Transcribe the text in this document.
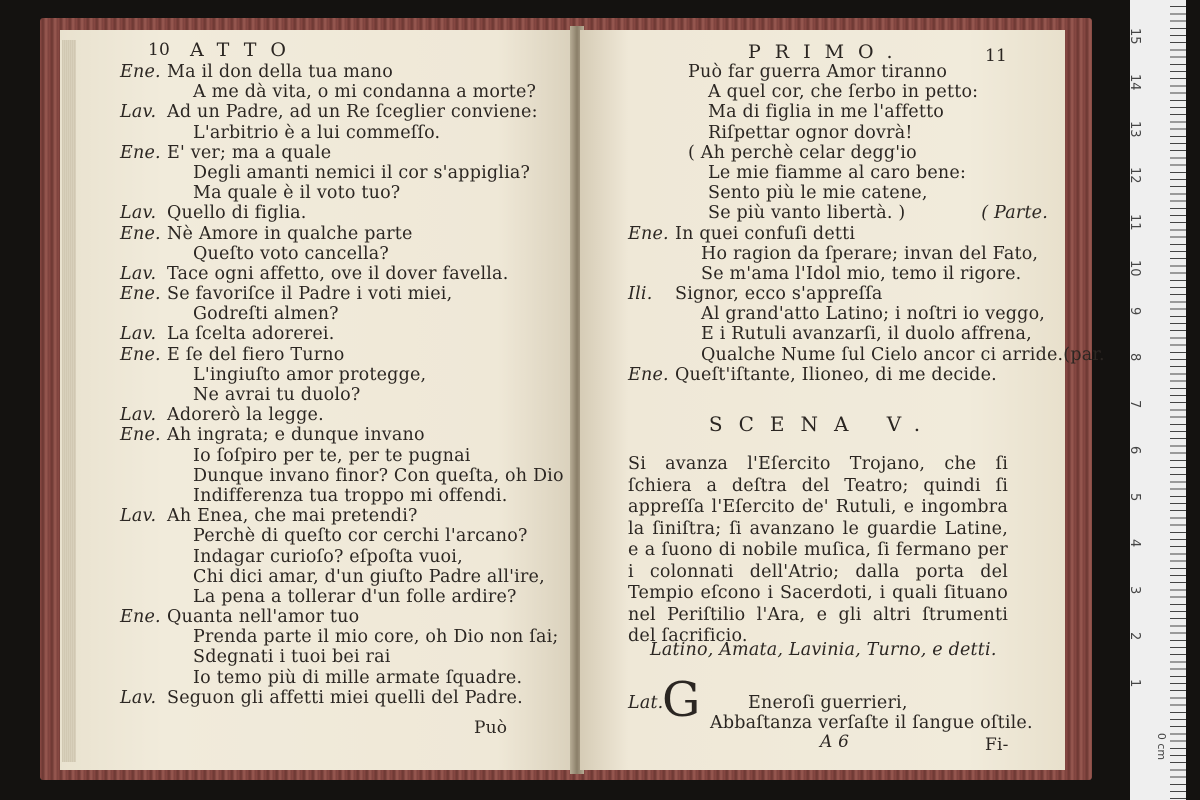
10 ATTO
Ene. Ma il don della tua mano
A me dà vita, o mi condanna a morte?
Lav. Ad un Padre, ad un Re ſceglier conviene:
L'arbitrio è a lui commeſſo.
Ene. E' ver; ma a quale
Degli amanti nemici il cor s'appiglia?
Ma quale è il voto tuo?
Lav. Quello di figlia.
Ene. Nè Amore in qualche parte
Queſto voto cancella?
Lav. Tace ogni affetto, ove il dover favella.
Ene. Se favoriſce il Padre i voti miei,
Godreſti almen?
Lav. La ſcelta adorerei.
Ene. E ſe del fiero Turno
L'ingiuſto amor protegge,
Ne avrai tu duolo?
Lav. Adorerò la legge.
Ene. Ah ingrata; e dunque invano
Io ſoſpiro per te, per te pugnai
Dunque invano finor? Con queſta, oh Dio
Indifferenza tua troppo mi offendi.
Lav. Ah Enea, che mai pretendi?
Perchè di queſto cor cerchi l'arcano?
Indagar curioſo? eſpoſta vuoi,
Chi dici amar, d'un giuſto Padre all'ire,
La pena a tollerar d'un folle ardire?
Ene. Quanta nell'amor tuo
Prenda parte il mio core, oh Dio non ſai;
Sdegnati i tuoi bei rai
Io temo più di mille armate ſquadre.
Lav. Seguon gli affetti miei quelli del Padre.
Può
PRIMO.	11
Può far guerra Amor tiranno
A quel cor, che ſerbo in petto:
Ma di figlia in me l'affetto
Riſpettar ognor dovrà!
( Ah perchè celar degg'io
Le mie fiamme al caro bene:
Sento più le mie catene,
Se più vanto libertà. )	( Parte.
Ene. In quei confuſi detti
Ho ragion da ſperare; invan del Fato,
Se m'ama l'Idol mio, temo il rigore.
Ili. Signor, ecco s'appreſſa
Al grand'atto Latino; i noſtri io veggo,
E i Rutuli avanzarſi, il duolo affrena,
Qualche Nume ſul Cielo ancor ci arride.(par.
Ene. Queſt'iſtante, Ilioneo, di me decide.
SCENA V.
Si avanza l'Eſercito Trojano, che ſi ſchiera a deſtra del Teatro; quindi ſi appreſſa l'Eſercito de' Rutuli, e ingombra la ſiniſtra; ſi avanzano le guardie Latine, e a ſuono di nobile muſica, ſi fermano per i colonnati dell'Atrio; dalla porta del Tempio eſcono i Sacerdoti, i quali ſituano nel Periſtilio l'Ara, e gli altri ſtrumenti del ſacrificio.
Latino, Amata, Lavinia, Turno, e detti.
G
Lat.	Eneroſi guerrieri,
Abbaſtanza verſaſte il ſangue oſtile.
A 6	Fi-
1
2
3
4
5
6
7
8
9
10
11
12
13
14
15
0 cm
